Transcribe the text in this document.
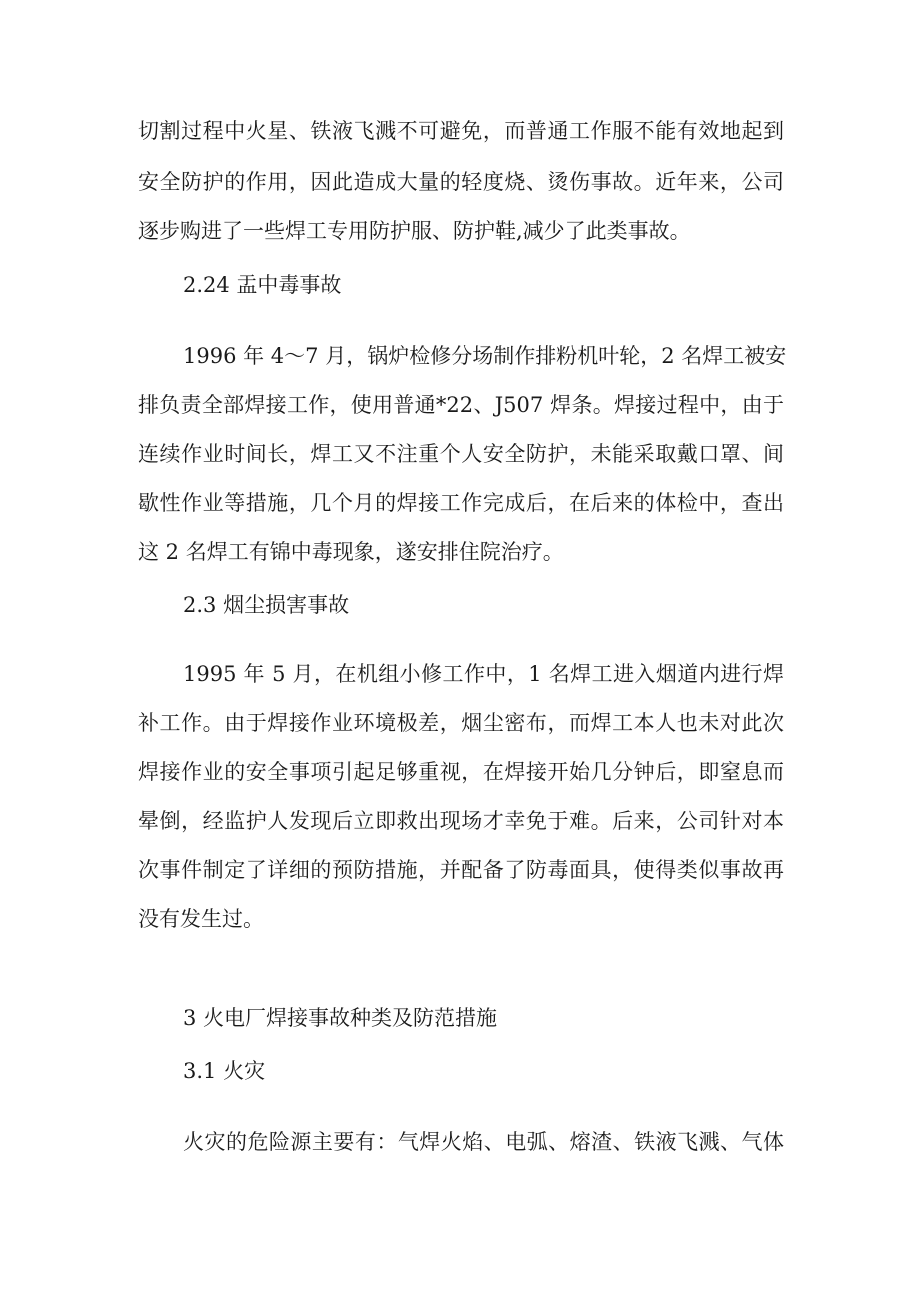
切割过程中火星、铁液飞溅不可避免，而普通工作服不能有效地起到
安全防护的作用，因此造成大量的轻度烧、烫伤事故。近年来，公司
逐步购进了一些焊工专用防护服、防护鞋,减少了此类事故。
2.24 盂中毒事故
1996 年 4～7 月，锅炉检修分场制作排粉机叶轮，2 名焊工被安
排负责全部焊接工作，使用普通*22、J507 焊条。焊接过程中，由于
连续作业时间长，焊工又不注重个人安全防护，未能采取戴口罩、间
歇性作业等措施，几个月的焊接工作完成后，在后来的体检中，查出
这 2 名焊工有锦中毒现象，遂安排住院治疗。
2.3 烟尘损害事故
1995 年 5 月，在机组小修工作中，1 名焊工进入烟道内进行焊
补工作。由于焊接作业环境极差，烟尘密布，而焊工本人也未对此次
焊接作业的安全事项引起足够重视，在焊接开始几分钟后，即窒息而
晕倒，经监护人发现后立即救出现场才幸免于难。后来，公司针对本
次事件制定了详细的预防措施，并配备了防毒面具，使得类似事故再
没有发生过。
3 火电厂焊接事故种类及防范措施
3.1 火灾
火灾的危险源主要有：气焊火焰、电弧、熔渣、铁液飞溅、气体
